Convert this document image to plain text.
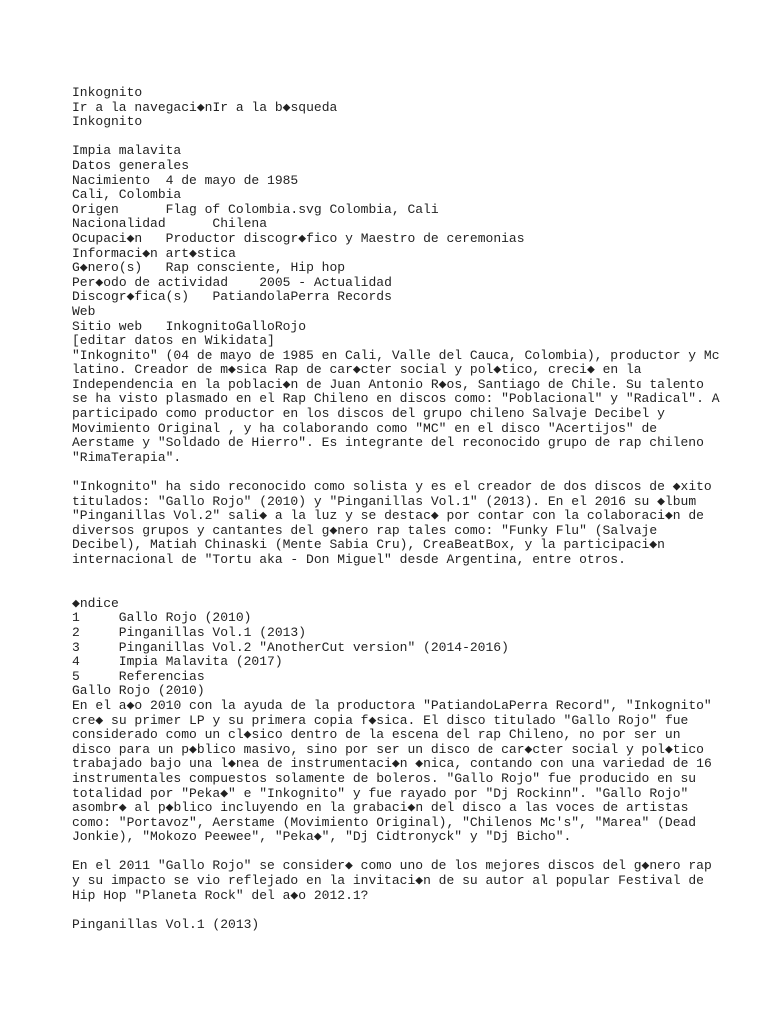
Inkognito
Ir a la navegaci◆nIr a la b◆squeda
Inkognito
Impia malavita
Datos generales
Nacimiento  4 de mayo de 1985
Cali, Colombia
Origen      Flag of Colombia.svg Colombia, Cali
Nacionalidad      Chilena
Ocupaci◆n   Productor discogr◆fico y Maestro de ceremonias
Informaci◆n art◆stica
G◆nero(s)   Rap consciente, Hip hop
Per◆odo de actividad    2005 - Actualidad
Discogr◆fica(s)   PatiandolaPerra Records
Web
Sitio web   InkognitoGalloRojo
[editar datos en Wikidata]
"Inkognito" (04 de mayo de 1985 en Cali, Valle del Cauca, Colombia), productor y Mc
latino. Creador de m◆sica Rap de car◆cter social y pol◆tico, creci◆ en la
Independencia en la poblaci◆n de Juan Antonio R◆os, Santiago de Chile. Su talento
se ha visto plasmado en el Rap Chileno en discos como: "Poblacional" y "Radical". A
participado como productor en los discos del grupo chileno Salvaje Decibel y
Movimiento Original , y ha colaborando como "MC" en el disco "Acertijos" de
Aerstame y "Soldado de Hierro". Es integrante del reconocido grupo de rap chileno
"RimaTerapia".
"Inkognito" ha sido reconocido como solista y es el creador de dos discos de ◆xito
titulados: "Gallo Rojo" (2010) y "Pinganillas Vol.1" (2013). En el 2016 su ◆lbum
"Pinganillas Vol.2" sali◆ a la luz y se destac◆ por contar con la colaboraci◆n de
diversos grupos y cantantes del g◆nero rap tales como: "Funky Flu" (Salvaje
Decibel), Matiah Chinaski (Mente Sabia Cru), CreaBeatBox, y la participaci◆n
internacional de "Tortu aka - Don Miguel" desde Argentina, entre otros.
◆ndice
1     Gallo Rojo (2010)
2     Pinganillas Vol.1 (2013)
3     Pinganillas Vol.2 "AnotherCut version" (2014-2016)
4     Impia Malavita (2017)
5     Referencias
Gallo Rojo (2010)
En el a◆o 2010 con la ayuda de la productora "PatiandoLaPerra Record", "Inkognito"
cre◆ su primer LP y su primera copia f◆sica. El disco titulado "Gallo Rojo" fue
considerado como un cl◆sico dentro de la escena del rap Chileno, no por ser un
disco para un p◆blico masivo, sino por ser un disco de car◆cter social y pol◆tico
trabajado bajo una l◆nea de instrumentaci◆n ◆nica, contando con una variedad de 16
instrumentales compuestos solamente de boleros. "Gallo Rojo" fue producido en su
totalidad por "Peka◆" e "Inkognito" y fue rayado por "Dj Rockinn". "Gallo Rojo"
asombr◆ al p◆blico incluyendo en la grabaci◆n del disco a las voces de artistas
como: "Portavoz", Aerstame (Movimiento Original), "Chilenos Mc's", "Marea" (Dead
Jonkie), "Mokozo Peewee", "Peka◆", "Dj Cidtronyck" y "Dj Bicho".
En el 2011 "Gallo Rojo" se consider◆ como uno de los mejores discos del g◆nero rap
y su impacto se vio reflejado en la invitaci◆n de su autor al popular Festival de
Hip Hop "Planeta Rock" del a◆o 2012.1?
Pinganillas Vol.1 (2013)
